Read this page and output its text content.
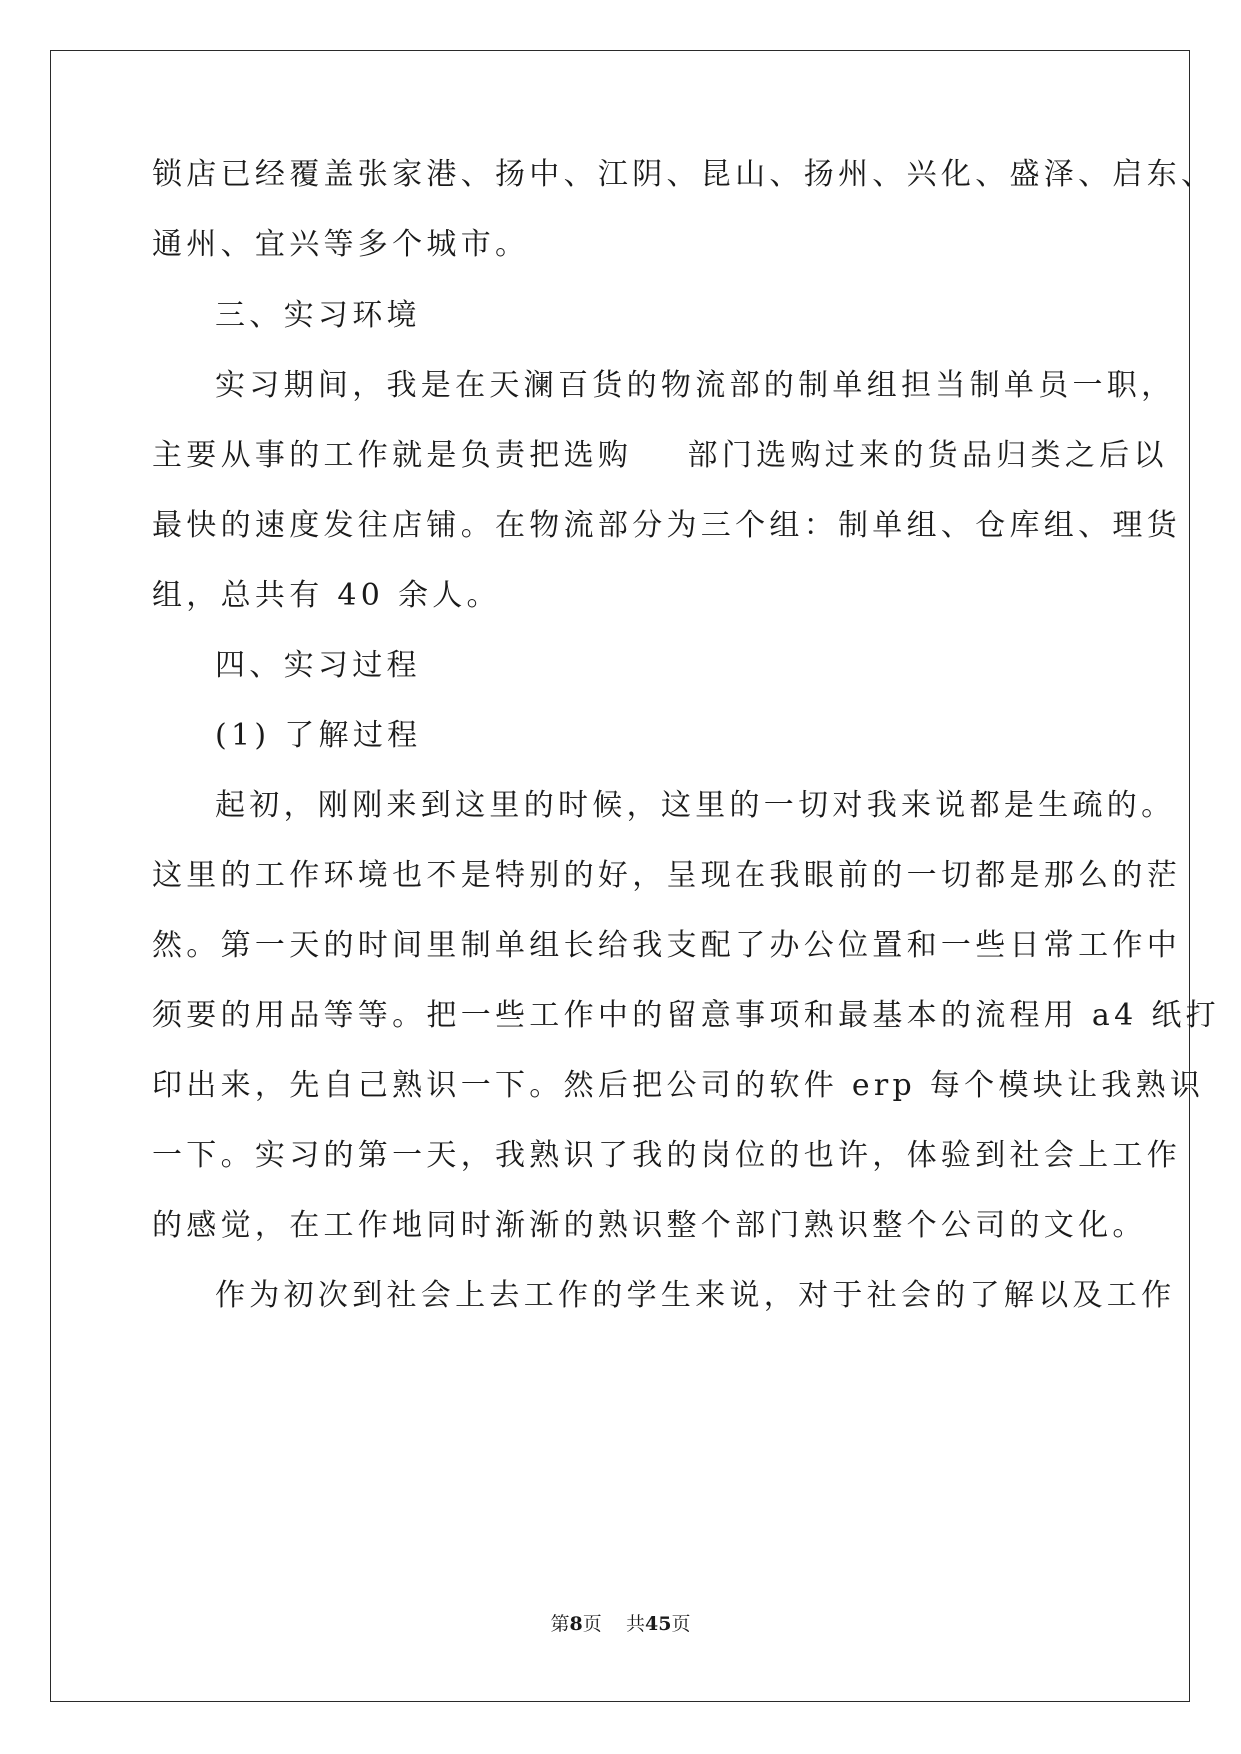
锁店已经覆盖张家港、扬中、江阴、昆山、扬州、兴化、盛泽、启东、
通州、宜兴等多个城市。
三、实习环境
实习期间，我是在天澜百货的物流部的制单组担当制单员一职，
主要从事的工作就是负责把选购    部门选购过来的货品归类之后以
最快的速度发往店铺。在物流部分为三个组：制单组、仓库组、理货
组，总共有 40 余人。
四、实习过程
(1) 了解过程
起初，刚刚来到这里的时候，这里的一切对我来说都是生疏的。
这里的工作环境也不是特别的好，呈现在我眼前的一切都是那么的茫
然。第一天的时间里制单组长给我支配了办公位置和一些日常工作中
须要的用品等等。把一些工作中的留意事项和最基本的流程用 a4 纸打
印出来，先自己熟识一下。然后把公司的软件 erp 每个模块让我熟识
一下。实习的第一天，我熟识了我的岗位的也许，体验到社会上工作
的感觉，在工作地同时渐渐的熟识整个部门熟识整个公司的文化。
作为初次到社会上去工作的学生来说，对于社会的了解以及工作
第8页 共45页
